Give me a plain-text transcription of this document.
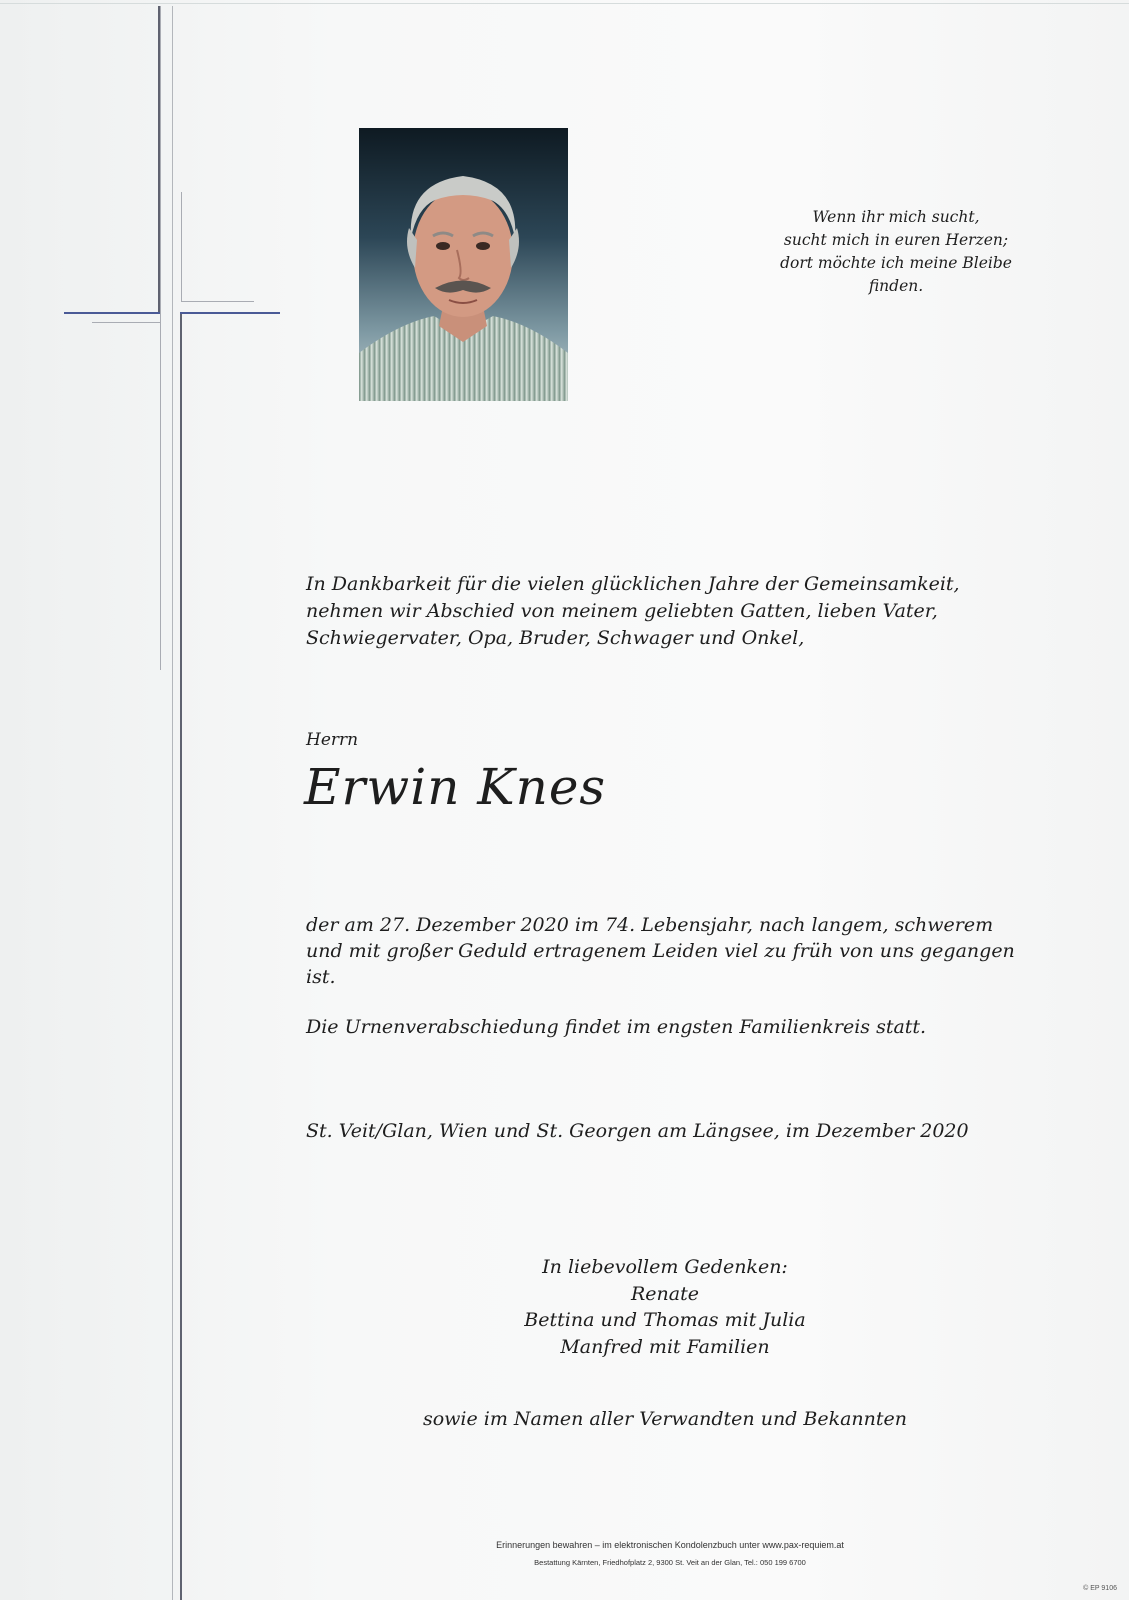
Wenn ihr mich sucht,
sucht mich in euren Herzen;
dort möchte ich meine Bleibe
finden.
In Dankbarkeit für die vielen glücklichen Jahre der Gemeinsamkeit,
nehmen wir Abschied von meinem geliebten Gatten, lieben Vater,
Schwiegervater, Opa, Bruder, Schwager und Onkel,
Herrn
Erwin Knes
der am 27. Dezember 2020 im 74. Lebensjahr, nach langem, schwerem
und mit großer Geduld ertragenem Leiden viel zu früh von uns gegangen
ist.
Die Urnenverabschiedung findet im engsten Familienkreis statt.
St. Veit/Glan, Wien und St. Georgen am Längsee, im Dezember 2020
In liebevollem Gedenken:
Renate
Bettina und Thomas mit Julia
Manfred mit Familien
sowie im Namen aller Verwandten und Bekannten
Erinnerungen bewahren – im elektronischen Kondolenzbuch unter www.pax-requiem.at
Bestattung Kärnten, Friedhofplatz 2, 9300 St. Veit an der Glan, Tel.: 050 199 6700
© EP 9106
